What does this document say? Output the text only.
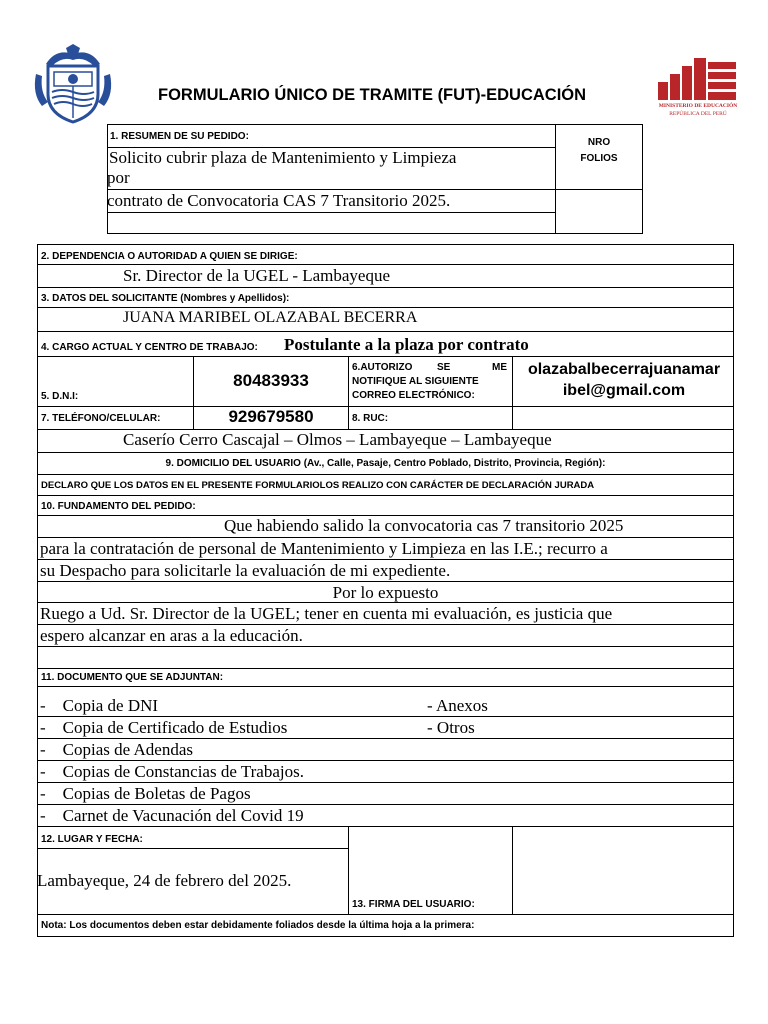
FORMULARIO ÚNICO DE TRAMITE (FUT)-EDUCACIÓN
MINISTERIO DE EDUCACIÓN
REPÚBLICA DEL PERÚ
1. RESUMEN DE SU PEDIDO:
Solicito cubrir plaza de Mantenimiento y Limpieza
por
contrato de Convocatoria CAS 7 Transitorio 2025.
NRO
FOLIOS
2. DEPENDENCIA O AUTORIDAD A QUIEN SE DIRIGE:
Sr. Director de la UGEL - Lambayeque
3. DATOS DEL SOLICITANTE (Nombres y Apellidos):
JUANA MARIBEL OLAZABAL BECERRA
4. CARGO ACTUAL Y CENTRO DE TRABAJO: Postulante a la plaza por contrato
5. D.N.I:
80483933
6.AUTORIZO SE	ME
NOTIFIQUE AL SIGUIENTE
CORREO ELECTRÓNICO:
olazabalbecerrajuanamar
ibel@gmail.com
7. TELÉFONO/CELULAR:	929679580	8. RUC:
Caserío Cerro Cascajal – Olmos – Lambayeque – Lambayeque
9. DOMICILIO DEL USUARIO (Av., Calle, Pasaje, Centro Poblado, Distrito, Provincia, Región):
DECLARO QUE LOS DATOS EN EL PRESENTE FORMULARIOLOS REALIZO CON CARÁCTER DE DECLARACIÓN JURADA
10. FUNDAMENTO DEL PEDIDO:
Que habiendo salido la convocatoria cas 7 transitorio 2025
para la contratación de personal de Mantenimiento y Limpieza en las I.E.; recurro a
su Despacho para solicitarle la evaluación de mi expediente.
Por lo expuesto
Ruego a Ud. Sr. Director de la UGEL; tener en cuenta mi evaluación, es justicia que
espero alcanzar en aras a la educación.
11. DOCUMENTO QUE SE ADJUNTAN:
-    Copia de DNI
-    Copia de Certificado de Estudios
-    Copias de Adendas
-    Copias de Constancias de Trabajos.
-    Copias de Boletas de Pagos
-    Carnet de Vacunación del Covid 19
- Anexos
- Otros
12. LUGAR Y FECHA:
Lambayeque, 24 de febrero del 2025.
13. FIRMA DEL USUARIO:
Nota: Los documentos deben estar debidamente foliados desde la última hoja a la primera:
